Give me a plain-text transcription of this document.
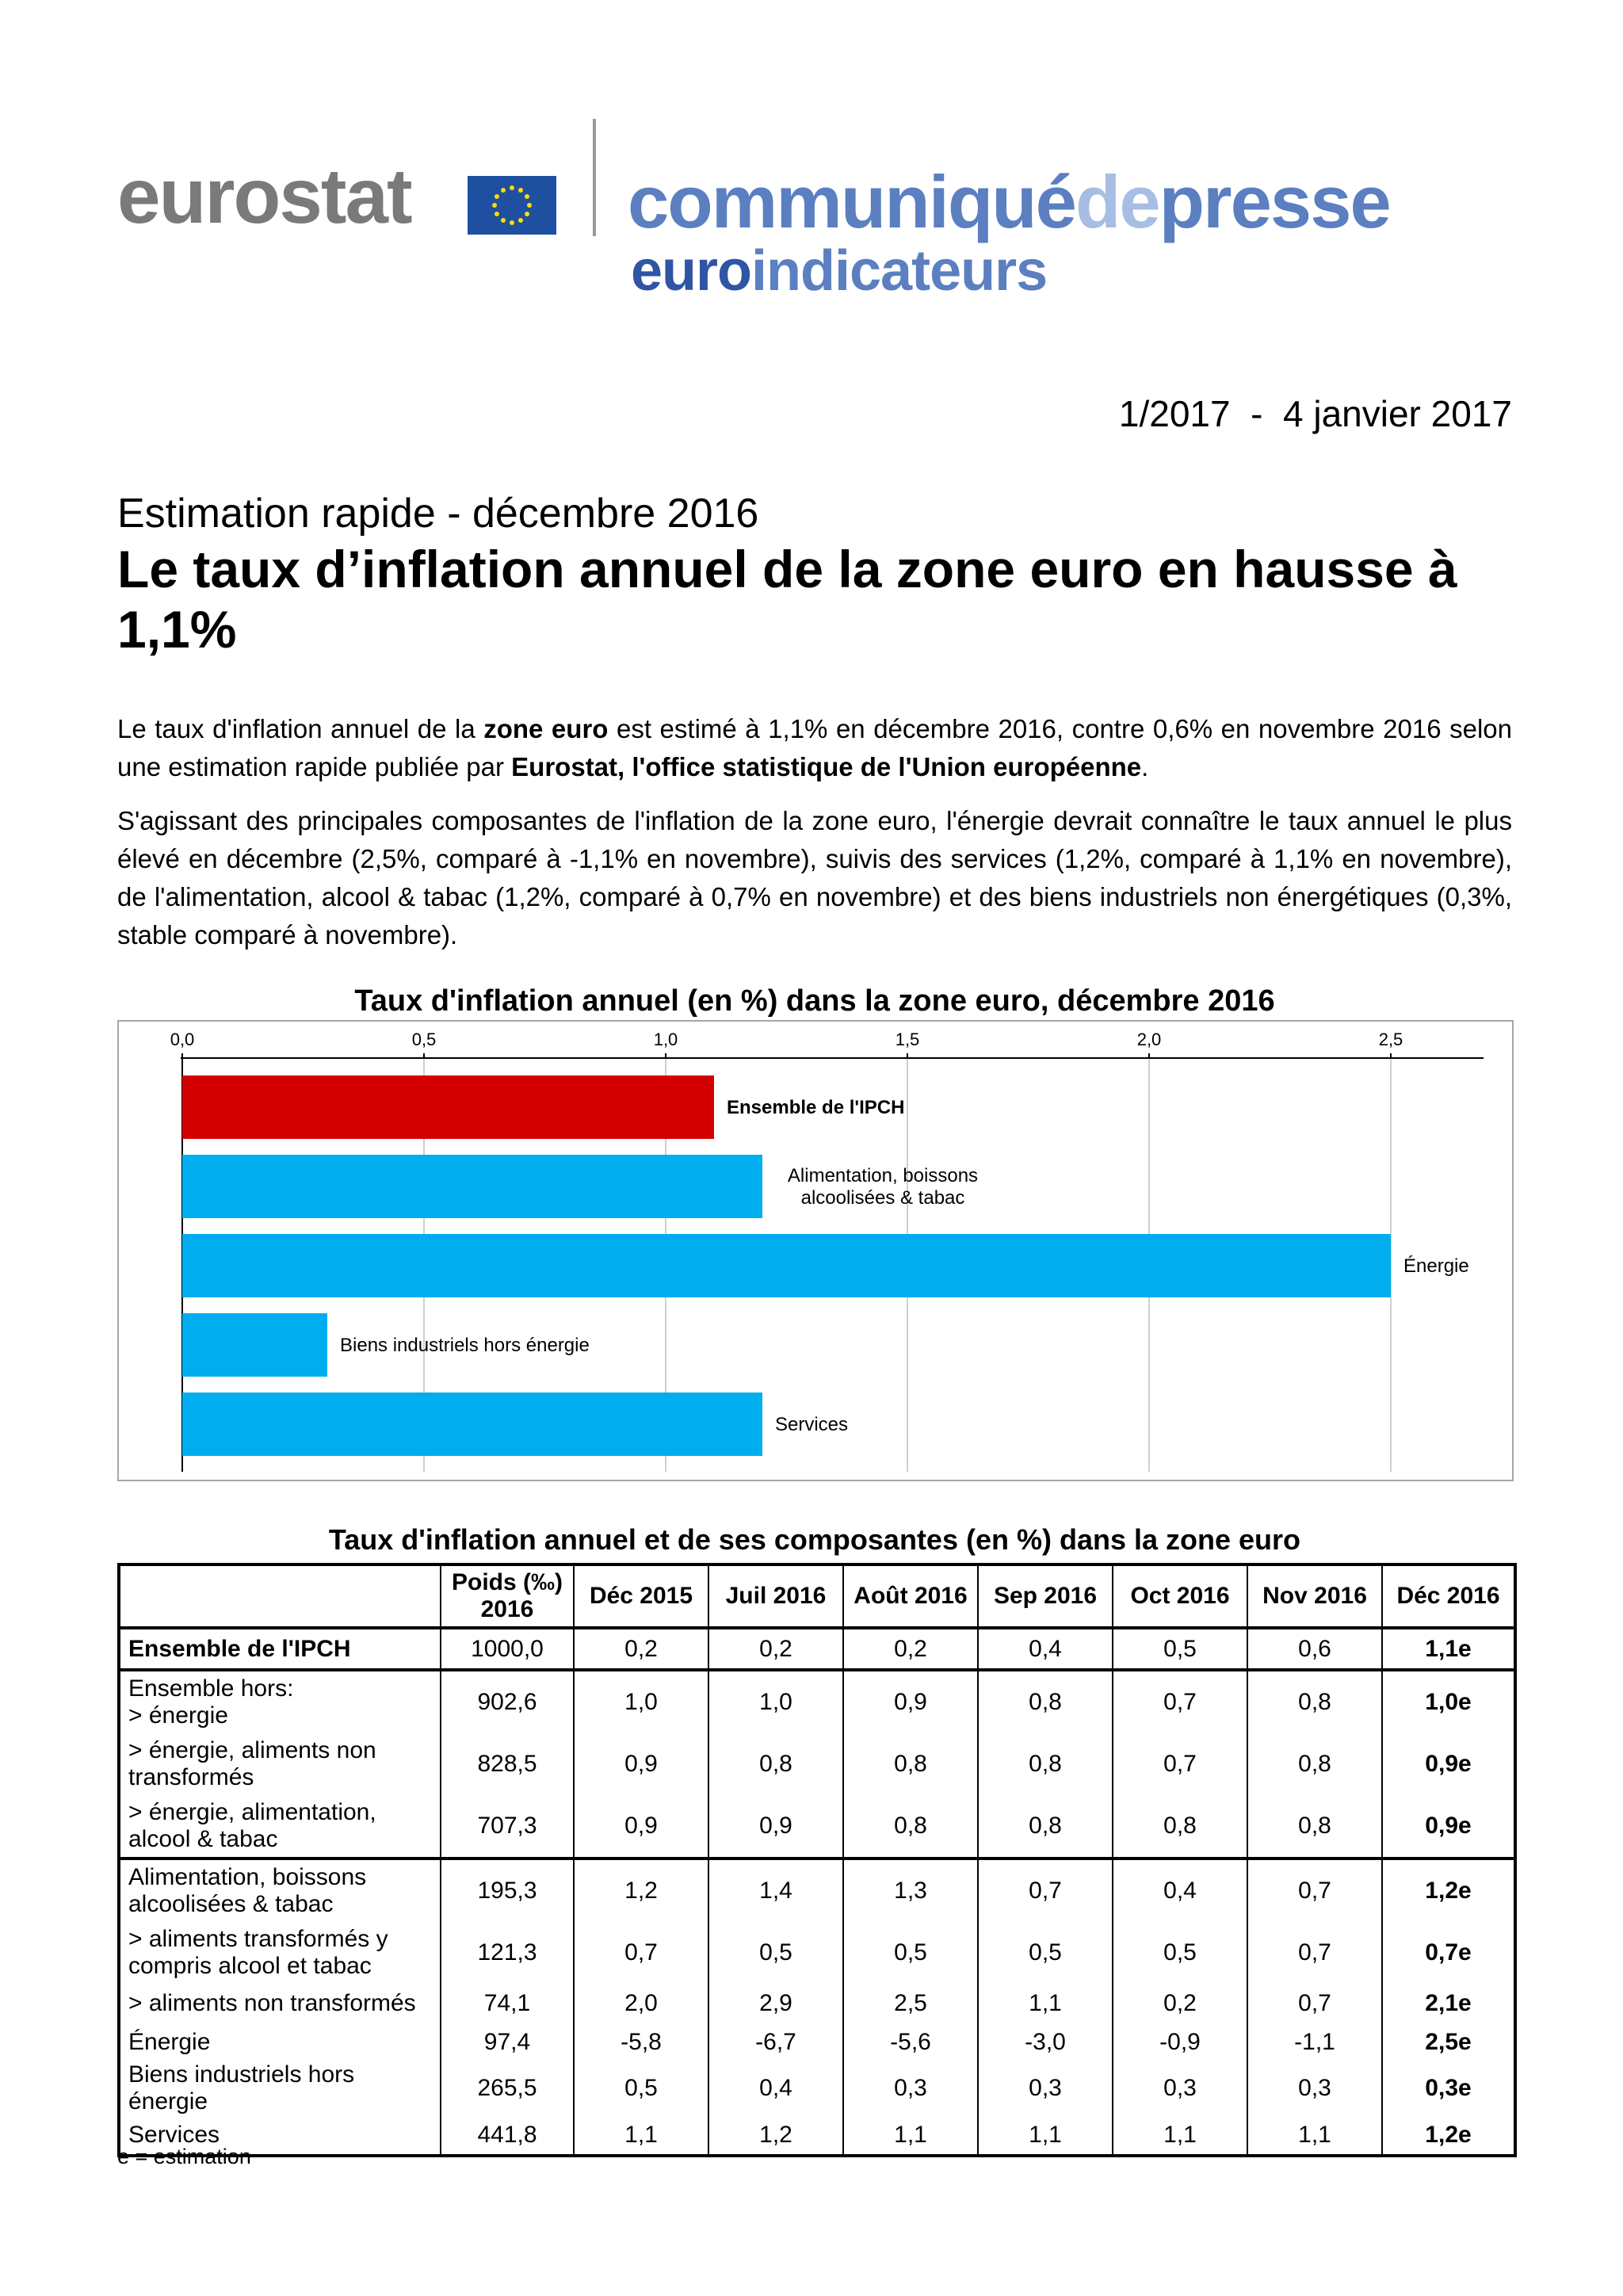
eurostat	communiquédepresse
euroindicateurs
1/2017  -  4 janvier 2017
Estimation rapide - décembre 2016
Le taux d’inflation annuel de la zone euro en hausse à 1,1%

Le taux d'inflation annuel de la zone euro est estimé à 1,1% en décembre 2016, contre 0,6% en novembre 2016 selon une estimation rapide publiée par Eurostat, l'office statistique de l'Union européenne.

S'agissant des principales composantes de l'inflation de la zone euro, l'énergie devrait connaître le taux annuel le plus élevé en décembre (2,5%, comparé à -1,1% en novembre), suivis des services (1,2%, comparé à 1,1% en novembre), de l'alimentation, alcool & tabac (1,2%, comparé à 0,7% en novembre) et des biens industriels non énergétiques (0,3%, stable comparé à novembre).

Taux d'inflation annuel (en %) dans la zone euro, décembre 2016
0,0	0,5	1,0	1,5	2,0	2,5
Ensemble de l'IPCH
Alimentation, boissons
alcoolisées & tabac
Énergie
Biens industriels hors énergie
Services
Taux d'inflation annuel et de ses composantes (en %) dans la zone euro
	Poids (‰) 2016	Déc 2015	Juil 2016	Août 2016	Sep 2016	Oct 2016	Nov 2016	Déc 2016
Ensemble de l'IPCH	1000,0	0,2	0,2	0,2	0,4	0,5	0,6	1,1e
Ensemble hors:
> énergie	902,6	1,0	1,0	0,9	0,8	0,7	0,8	1,0e
> énergie, aliments non transformés	828,5	0,9	0,8	0,8	0,8	0,7	0,8	0,9e
> énergie, alimentation, alcool & tabac	707,3	0,9	0,9	0,8	0,8	0,8	0,8	0,9e
Alimentation, boissons alcoolisées & tabac	195,3	1,2	1,4	1,3	0,7	0,4	0,7	1,2e
> aliments transformés y compris alcool et tabac	121,3	0,7	0,5	0,5	0,5	0,5	0,7	0,7e
> aliments non transformés	74,1	2,0	2,9	2,5	1,1	0,2	0,7	2,1e
Énergie	97,4	-5,8	-6,7	-5,6	-3,0	-0,9	-1,1	2,5e
Biens industriels hors énergie	265,5	0,5	0,4	0,3	0,3	0,3	0,3	0,3e
Services	441,8	1,1	1,2	1,1	1,1	1,1	1,1	1,2e
e = estimation
